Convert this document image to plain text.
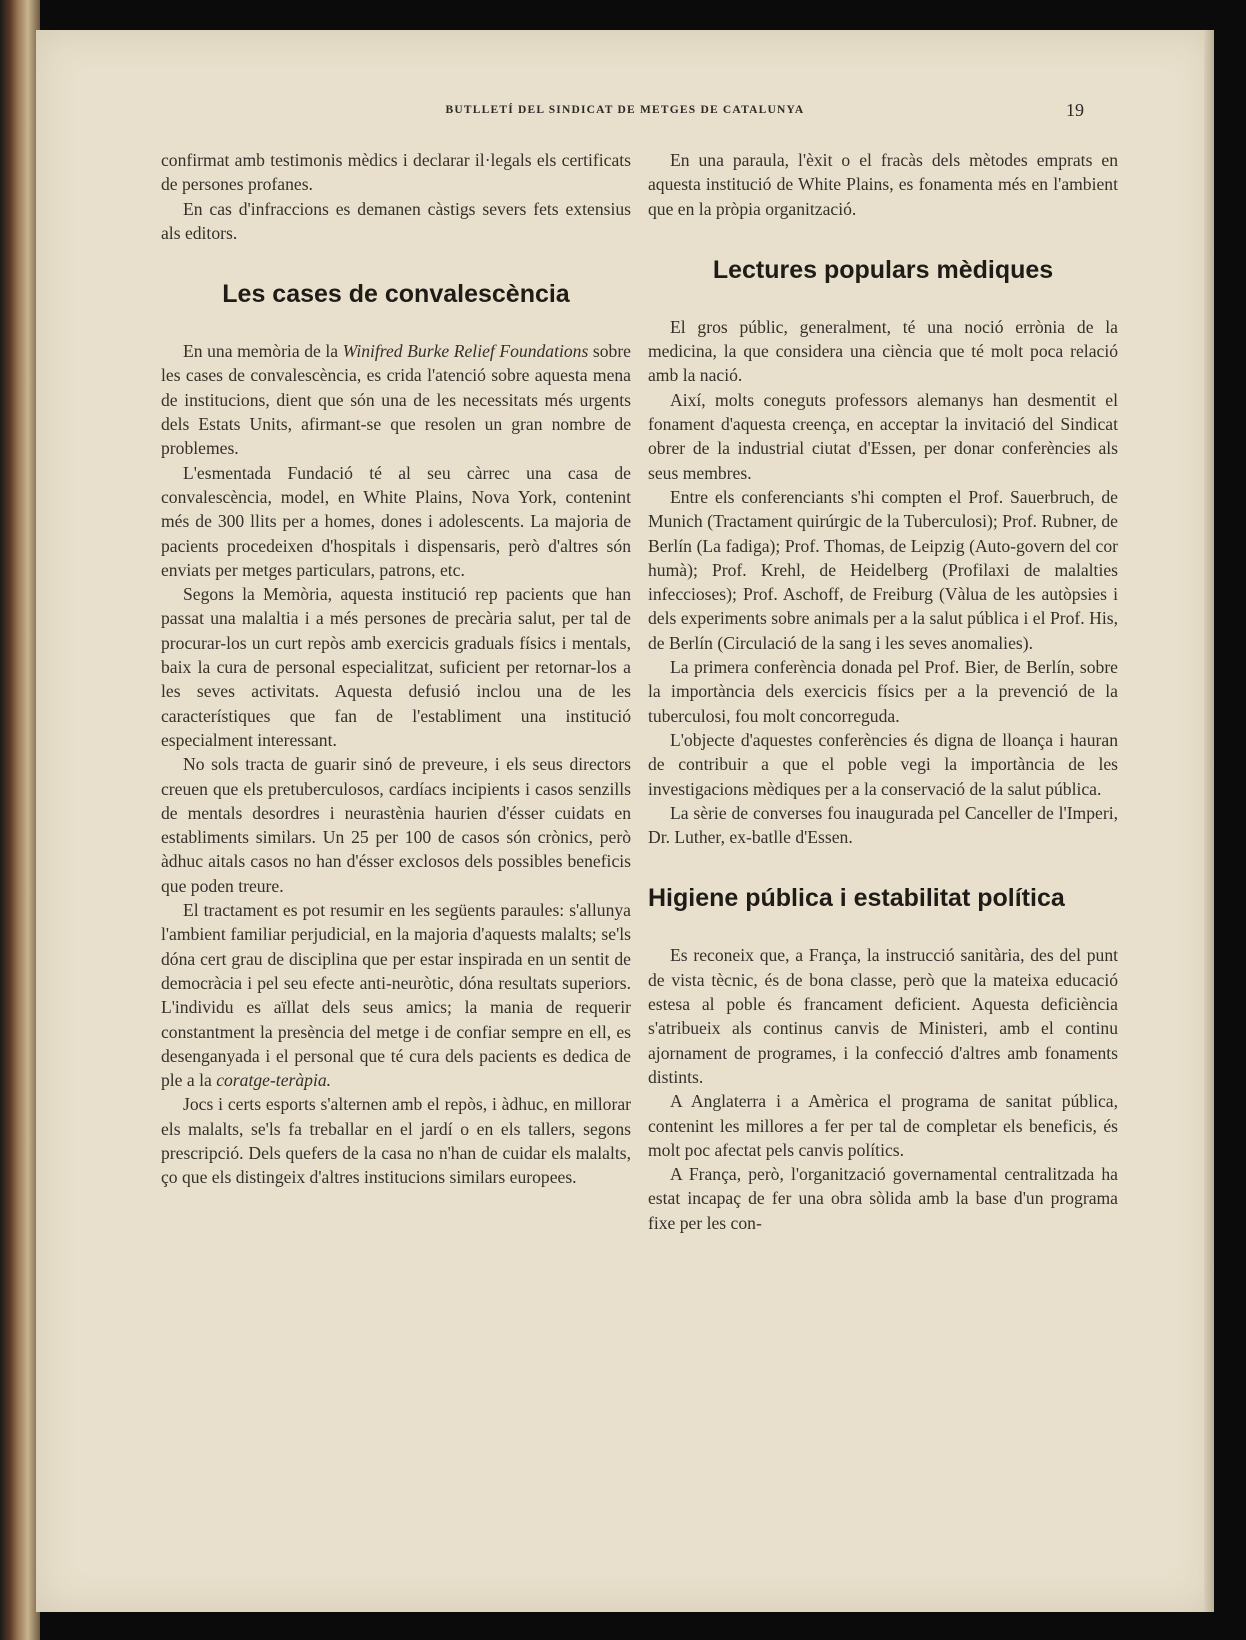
BUTLLETÍ DEL SINDICAT DE METGES DE CATALUNYA	19

confirmat amb testimonis mèdics i declarar il·legals els certificats de persones profanes.

En cas d'infraccions es demanen càstigs severs fets extensius als editors.

Les cases de convalescència

En una memòria de la Winifred Burke Relief Foundations sobre les cases de convalescència, es crida l'atenció sobre aquesta mena de institucions, dient que són una de les necessitats més urgents dels Estats Units, afirmant-se que resolen un gran nombre de problemes.

L'esmentada Fundació té al seu càrrec una casa de convalescència, model, en White Plains, Nova York, contenint més de 300 llits per a homes, dones i adolescents. La majoria de pacients procedeixen d'hospitals i dispensaris, però d'altres són enviats per metges particulars, patrons, etc.

Segons la Memòria, aquesta institució rep pacients que han passat una malaltia i a més persones de precària salut, per tal de procurar-los un curt repòs amb exercicis graduals físics i mentals, baix la cura de personal especialitzat, suficient per retornar-los a les seves activitats. Aquesta defusió inclou una de les característiques que fan de l'establiment una institució especialment interessant.

No sols tracta de guarir sinó de preveure, i els seus directors creuen que els pretuberculosos, cardíacs incipients i casos senzills de mentals desordres i neurastènia haurien d'ésser cuidats en establiments similars. Un 25 per 100 de casos són crònics, però àdhuc aitals casos no han d'ésser exclosos dels possibles beneficis que poden treure.

El tractament es pot resumir en les següents paraules: s'allunya l'ambient familiar perjudicial, en la majoria d'aquests malalts; se'ls dóna cert grau de disciplina que per estar inspirada en un sentit de democràcia i pel seu efecte anti-neuròtic, dóna resultats superiors. L'individu es aïllat dels seus amics; la mania de requerir constantment la presència del metge i de confiar sempre en ell, es desenganyada i el personal que té cura dels pacients es dedica de ple a la coratge-teràpia.

Jocs i certs esports s'alternen amb el repòs, i àdhuc, en millorar els malalts, se'ls fa treballar en el jardí o en els tallers, segons prescripció. Dels quefers de la casa no n'han de cuidar els malalts, ço que els distingeix d'altres institucions similars europees.

En una paraula, l'èxit o el fracàs dels mètodes emprats en aquesta institució de White Plains, es fonamenta més en l'ambient que en la pròpia organització.

Lectures populars mèdiques

El gros públic, generalment, té una noció errònia de la medicina, la que considera una ciència que té molt poca relació amb la nació.

Així, molts coneguts professors alemanys han desmentit el fonament d'aquesta creença, en acceptar la invitació del Sindicat obrer de la industrial ciutat d'Essen, per donar conferències als seus membres.

Entre els conferenciants s'hi compten el Prof. Sauerbruch, de Munich (Tractament quirúrgic de la Tuberculosi); Prof. Rubner, de Berlín (La fadiga); Prof. Thomas, de Leipzig (Auto-govern del cor humà); Prof. Krehl, de Heidelberg (Profilaxi de malalties infeccioses); Prof. Aschoff, de Freiburg (Vàlua de les autòpsies i dels experiments sobre animals per a la salut pública i el Prof. His, de Berlín (Circulació de la sang i les seves anomalies).

La primera conferència donada pel Prof. Bier, de Berlín, sobre la importància dels exercicis físics per a la prevenció de la tuberculosi, fou molt concorreguda.

L'objecte d'aquestes conferències és digna de lloança i hauran de contribuir a que el poble vegi la importància de les investigacions mèdiques per a la conservació de la salut pública.

La sèrie de converses fou inaugurada pel Canceller de l'Imperi, Dr. Luther, ex-batlle d'Essen.

Higiene pública i estabilitat política

Es reconeix que, a França, la instrucció sanitària, des del punt de vista tècnic, és de bona classe, però que la mateixa educació estesa al poble és francament deficient. Aquesta deficiència s'atribueix als continus canvis de Ministeri, amb el continu ajornament de programes, i la confecció d'altres amb fonaments distints.

A Anglaterra i a Amèrica el programa de sanitat pública, contenint les millores a fer per tal de completar els beneficis, és molt poc afectat pels canvis polítics.

A França, però, l'organització governamental centralitzada ha estat incapaç de fer una obra sòlida amb la base d'un programa fixe per les con-
